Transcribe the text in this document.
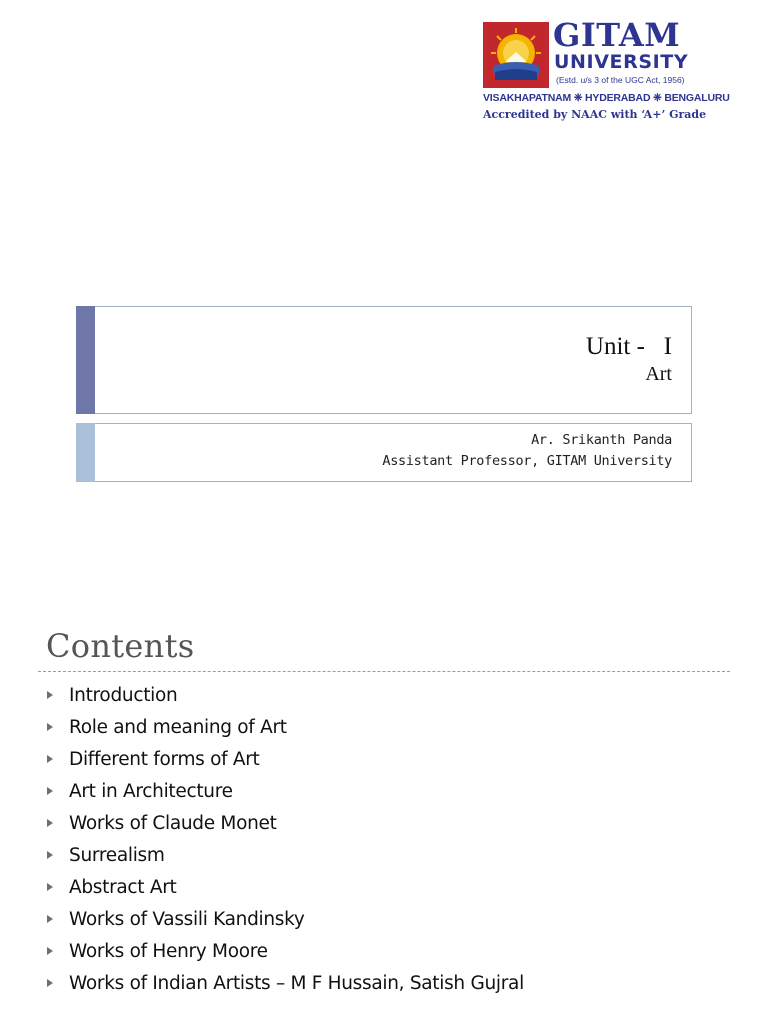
GITAM
UNIVERSITY
(Estd. u/s 3 of the UGC Act, 1956)
VISAKHAPATNAM ❈ HYDERABAD ❈ BENGALURU
Accredited by NAAC with ‘A+’ Grade
Unit -   I
Art
Ar. Srikanth Panda
Assistant Professor, GITAM University
Contents
Introduction
Role and meaning of Art
Different forms of Art
Art in Architecture
Works of Claude Monet
Surrealism
Abstract Art
Works of Vassili Kandinsky
Works of Henry Moore
Works of Indian Artists – M F Hussain, Satish Gujral
